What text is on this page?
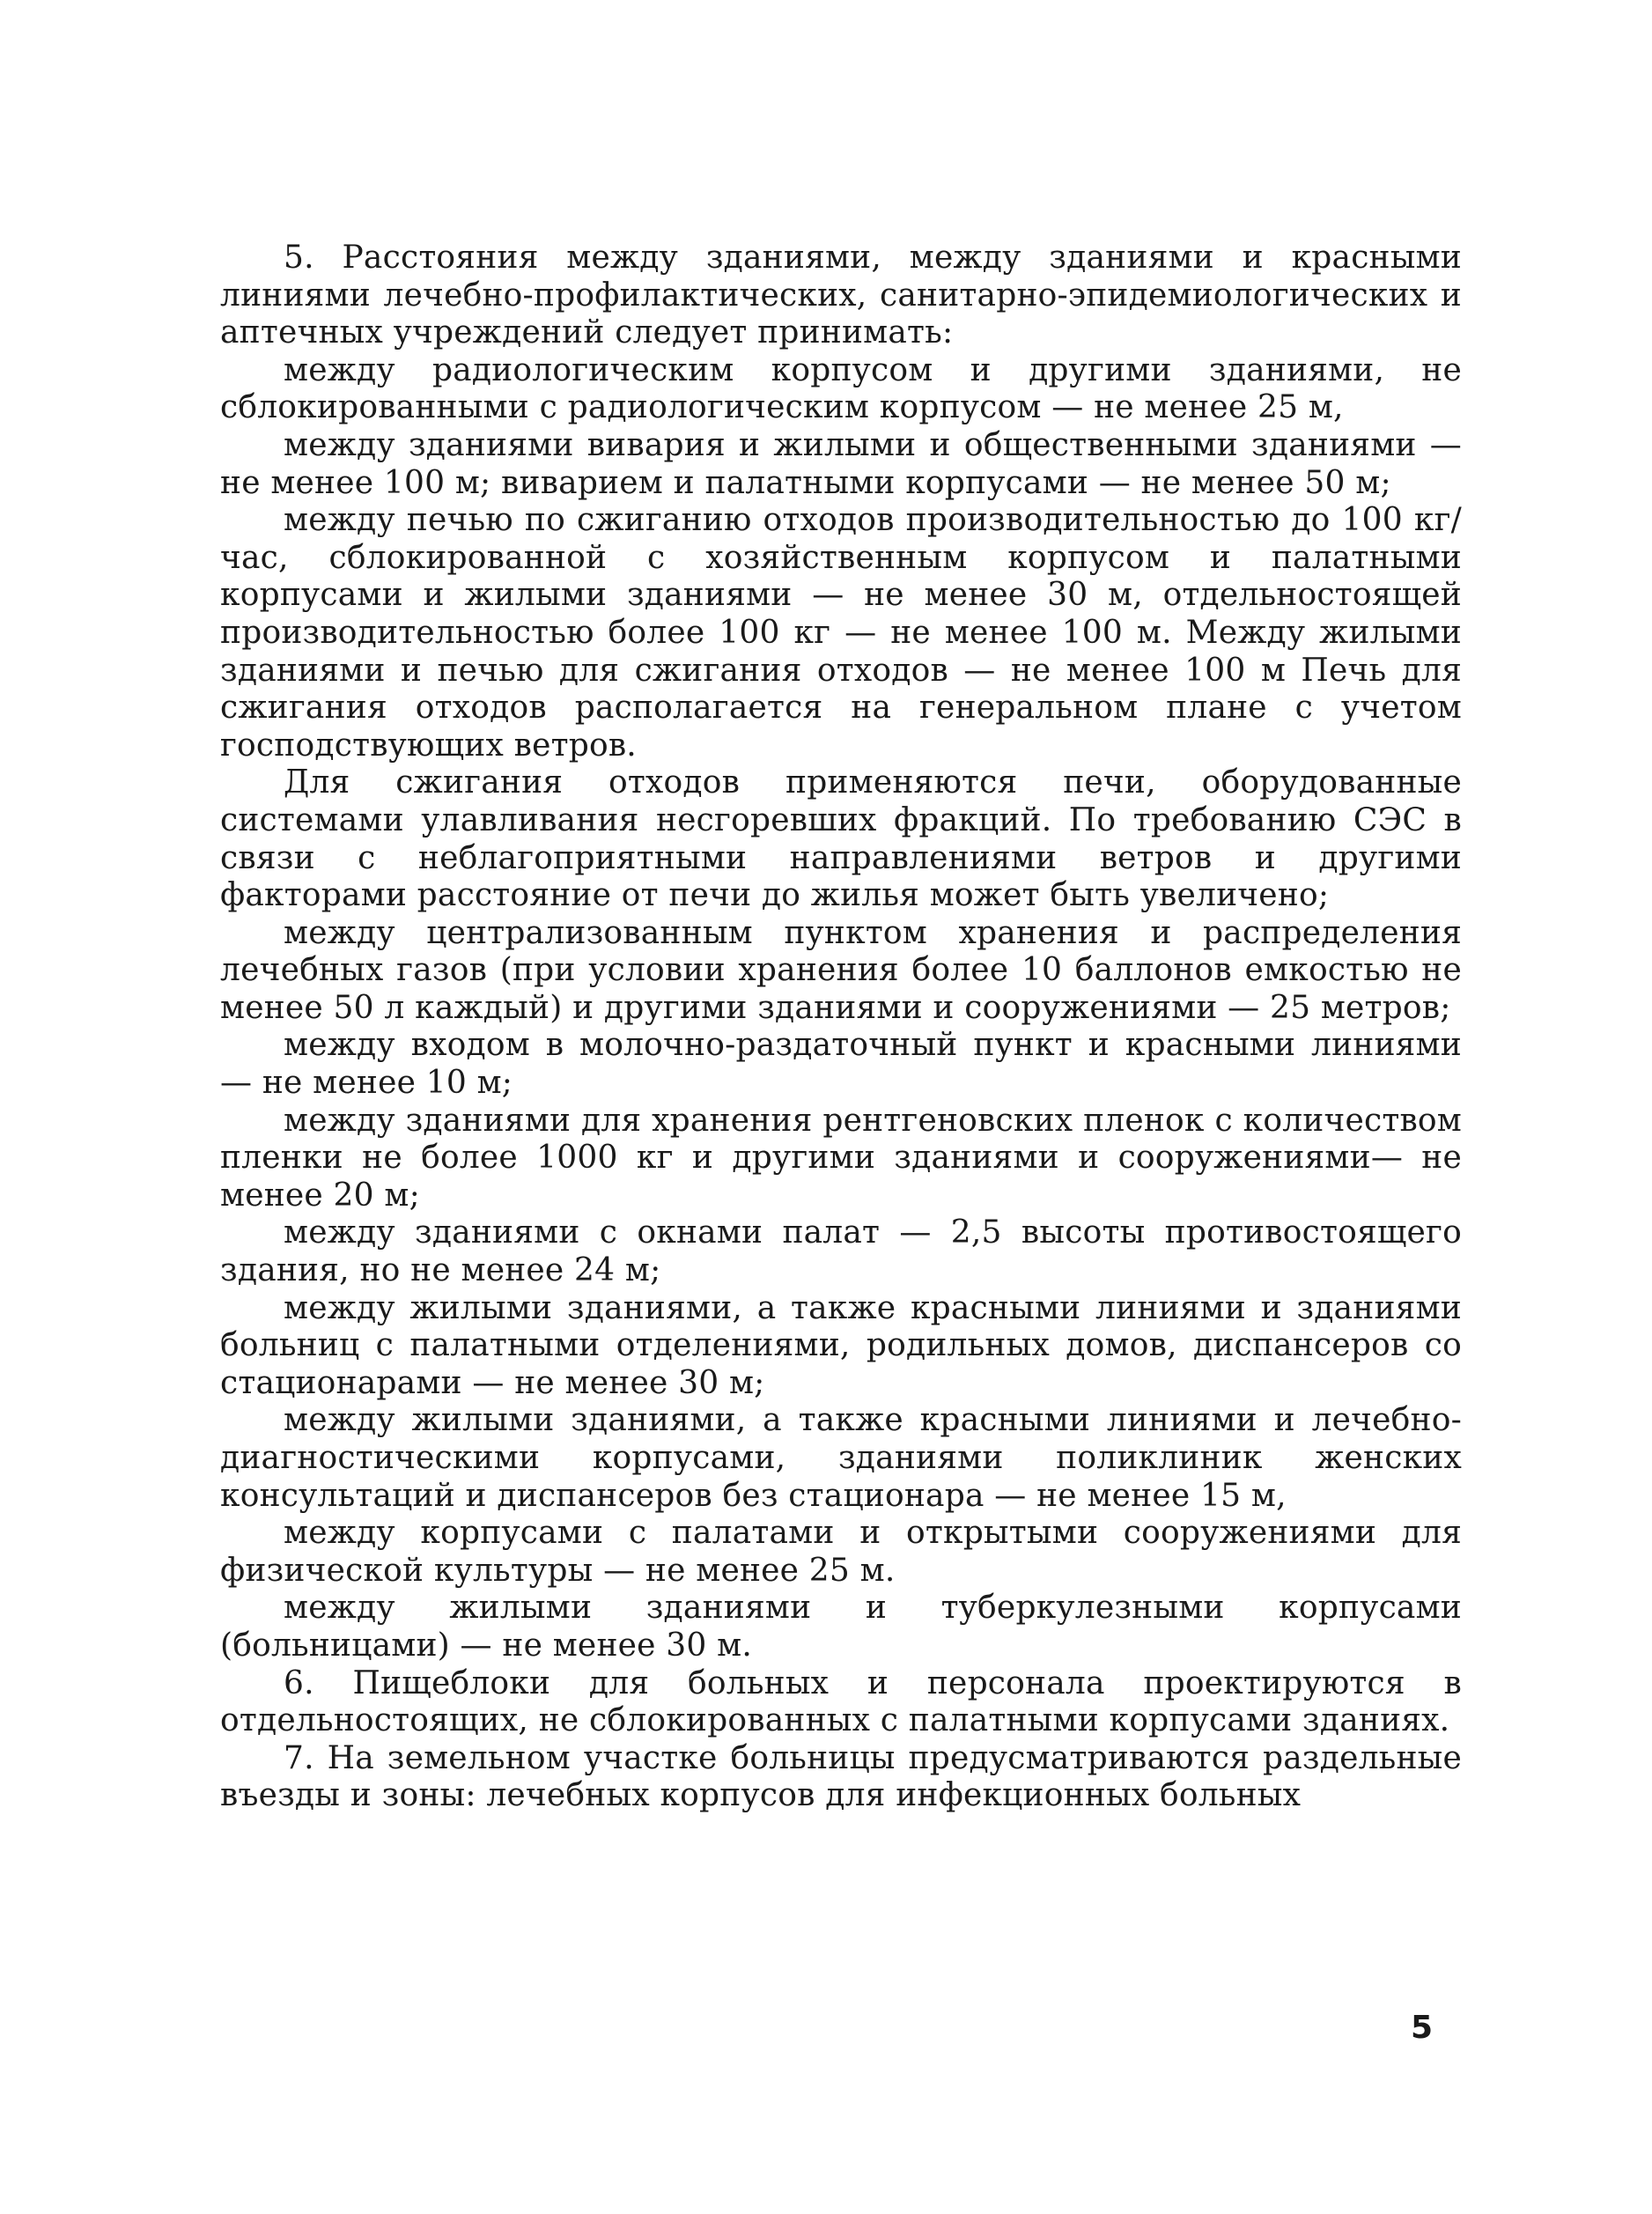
5. Расстояния между зданиями, между зданиями и красными линиями лечебно-профилактических, санитарно-эпидемиологических и аптечных учреждений следует принимать:

между радиологическим корпусом и другими зданиями, не сблокированными с радиологическим корпусом — не менее 25 м,

между зданиями вивария и жилыми и общественными зданиями — не менее 100 м; виварием и палатными корпусами — не менее 50 м;

между печью по сжиганию отходов производительностью до 100 кг/час, сблокированной с хозяйственным корпусом и палатными корпусами и жилыми зданиями — не менее 30 м, отдельностоящей производительностью более 100 кг — не менее 100 м. Между жилыми зданиями и печью для сжигания отходов — не менее 100 м Печь для сжигания отходов располагается на генеральном плане с учетом господствующих ветров.

Для сжигания отходов применяются печи, оборудованные системами улавливания несгоревших фракций. По требованию СЭС в связи с неблагоприятными направлениями ветров и другими факторами расстояние от печи до жилья может быть увеличено;

между централизованным пунктом хранения и распределения лечебных газов (при условии хранения более 10 баллонов емкостью не менее 50 л каждый) и другими зданиями и сооружениями — 25 метров;

между входом в молочно-раздаточный пункт и красными линиями — не менее 10 м;

между зданиями для хранения рентгеновских пленок с количеством пленки не более 1000 кг и другими зданиями и сооружениями— не менее 20 м;

между зданиями с окнами палат — 2,5 высоты противостоящего здания, но не менее 24 м;

между жилыми зданиями, а также красными линиями и зданиями больниц с палатными отделениями, родильных домов, диспансеров со стационарами — не менее 30 м;

между жилыми зданиями, а также красными линиями и лечебно-диагностическими корпусами, зданиями поликлиник женских консультаций и диспансеров без стационара — не менее 15 м,

между корпусами с палатами и открытыми сооружениями для физической культуры — не менее 25 м.

между жилыми зданиями и туберкулезными корпусами (больницами) — не менее 30 м.

6. Пищеблоки для больных и персонала проектируются в отдельностоящих, не сблокированных с палатными корпусами зданиях.

7. На земельном участке больницы предусматриваются раздельные въезды и зоны: лечебных корпусов для инфекционных больных

5
